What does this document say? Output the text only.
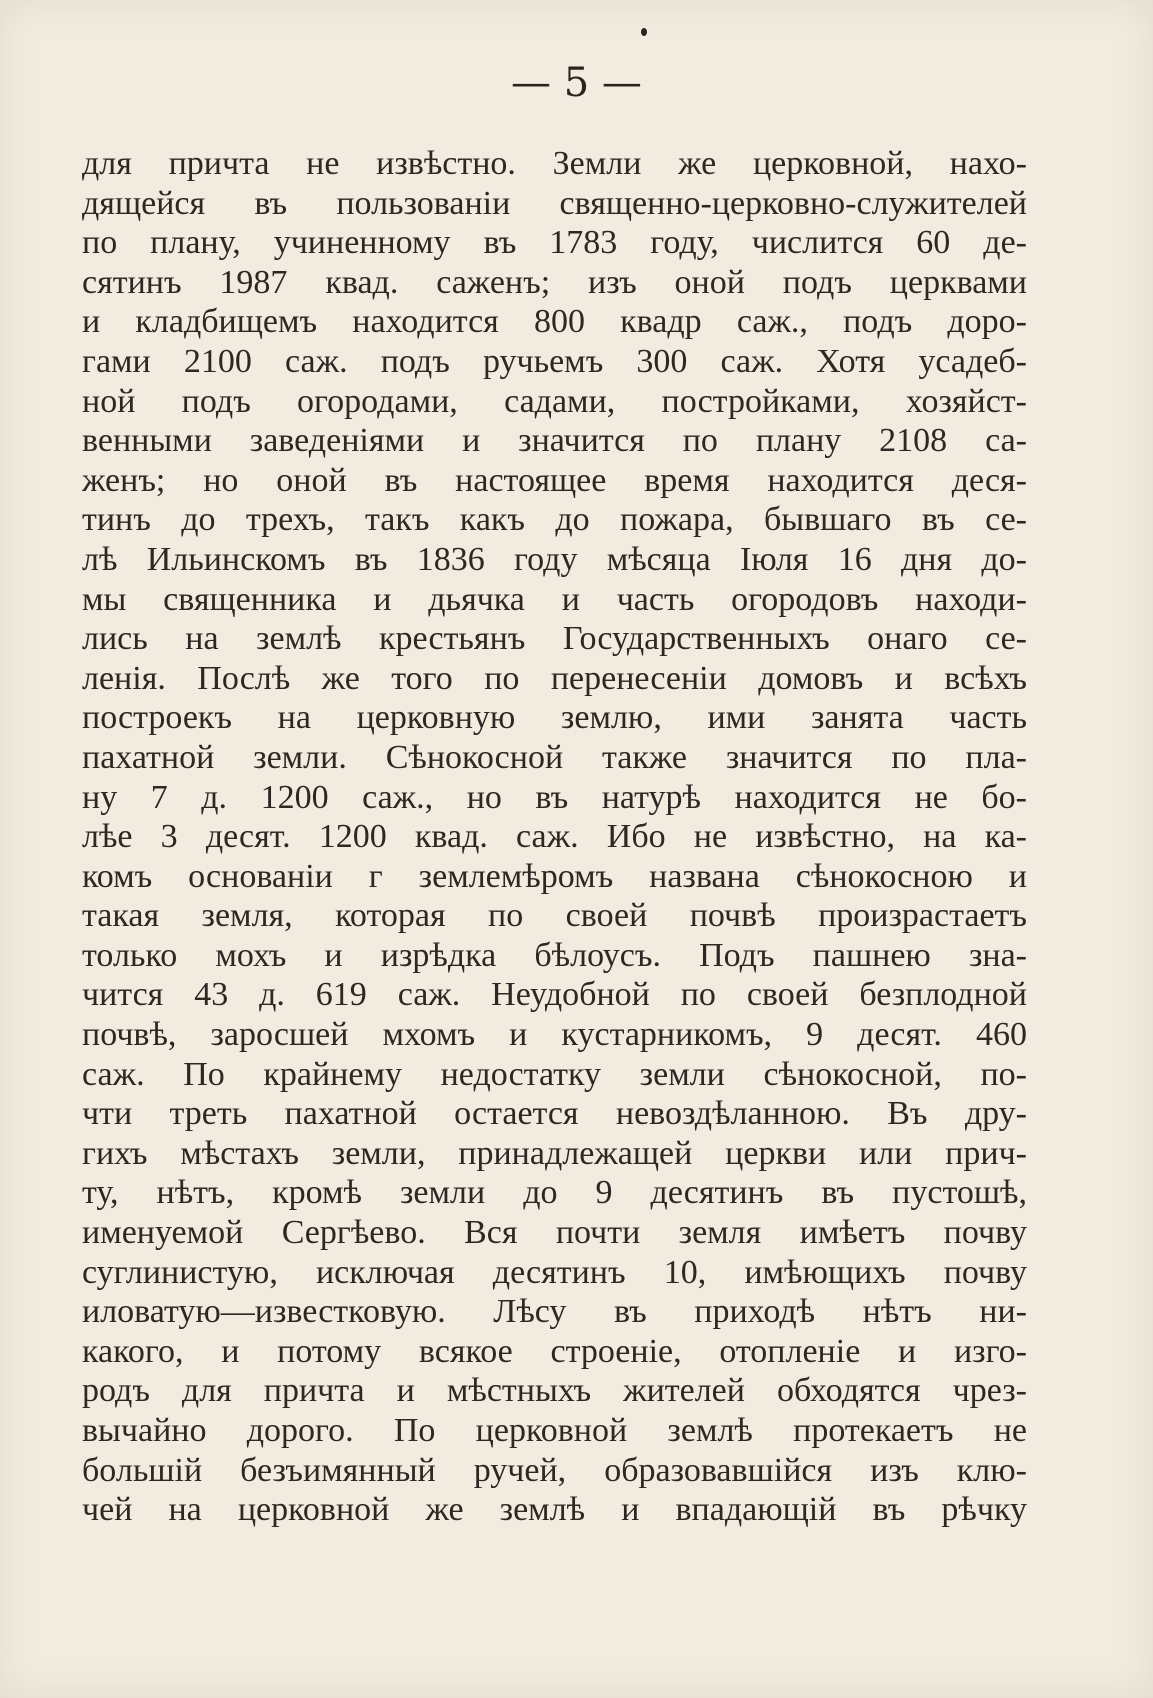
— 5 —
для причта не извѣстно. Земли же церковной, нахо-
дящейся въ пользованіи священно-церковно-служителей
по плану, учиненному въ 1783 году, числится 60 де-
сятинъ 1987 квад. саженъ; изъ оной подъ церквами
и кладбищемъ находится 800 квадр саж., подъ доро-
гами 2100 саж. подъ ручьемъ 300 саж. Хотя усадеб-
ной подъ огородами, садами, постройками, хозяйст-
венными заведеніями и значится по плану 2108 са-
женъ; но оной въ настоящее время находится деся-
тинъ до трехъ, такъ какъ до пожара, бывшаго въ се-
лѣ Ильинскомъ въ 1836 году мѣсяца Іюля 16 дня до-
мы священника и дьячка и часть огородовъ находи-
лись на землѣ крестьянъ Государственныхъ онаго се-
ленія. Послѣ же того по перенесеніи домовъ и всѣхъ
построекъ на церковную землю, ими занята часть
пахатной земли. Сѣнокосной также значится по пла-
ну 7 д. 1200 саж., но въ натурѣ находится не бо-
лѣе 3 десят. 1200 квад. саж. Ибо не извѣстно, на ка-
комъ основаніи г землемѣромъ названа сѣнокосною и
такая земля, которая по своей почвѣ произрастаетъ
только мохъ и изрѣдка бѣлоусъ. Подъ пашнею зна-
чится 43 д. 619 саж. Неудобной по своей безплодной
почвѣ, заросшей мхомъ и кустарникомъ, 9 десят. 460
саж. По крайнему недостатку земли сѣнокосной, по-
чти треть пахатной остается невоздѣланною. Въ дру-
гихъ мѣстахъ земли, принадлежащей церкви или прич-
ту, нѣтъ, кромѣ земли до 9 десятинъ въ пустошѣ,
именуемой Сергѣево. Вся почти земля имѣетъ почву
суглинистую, исключая десятинъ 10, имѣющихъ почву
иловатую—известковую. Лѣсу въ приходѣ нѣтъ ни-
какого, и потому всякое строеніе, отопленіе и изго-
родъ для причта и мѣстныхъ жителей обходятся чрез-
вычайно дорого. По церковной землѣ протекаетъ не
большій безъимянный ручей, образовавшійся изъ клю-
чей на церковной же землѣ и впадающій въ рѣчку
